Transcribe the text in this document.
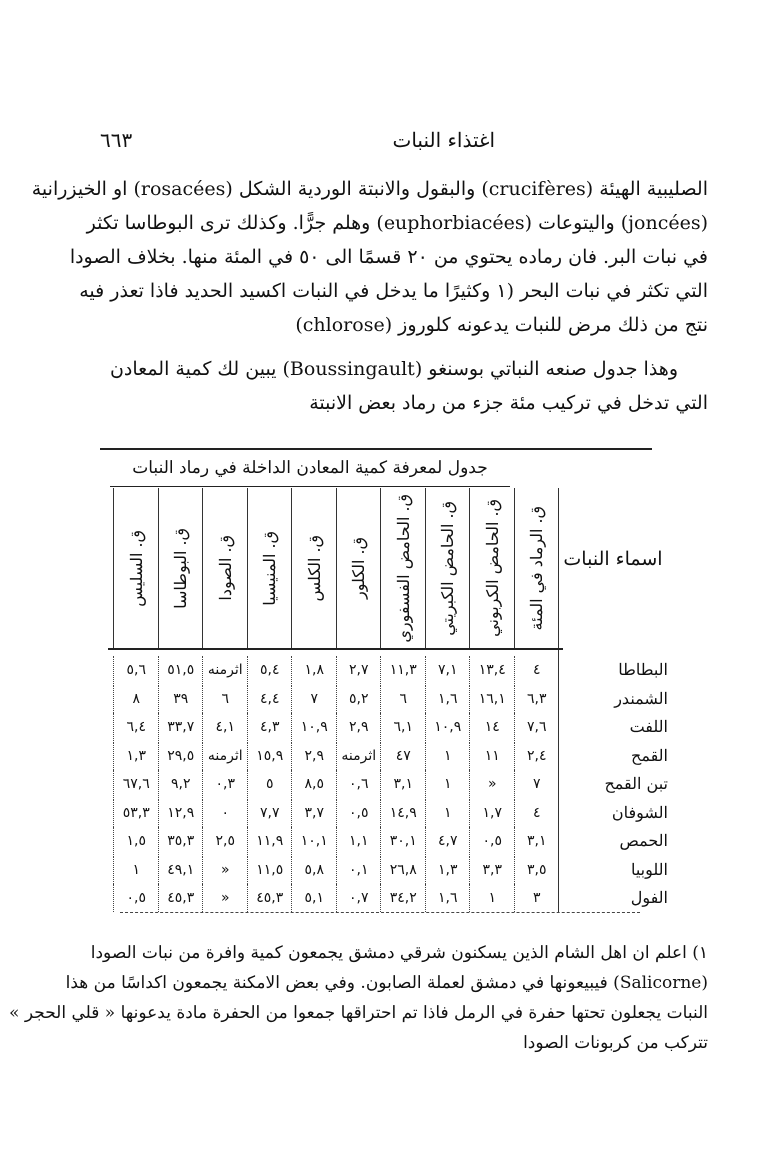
اغتذاء النبات
٦٦٣
الصليبية الهيئة (crucifères) والبقول والانبتة الوردية الشكل (rosacées) او الخيزرانية
(joncées) واليتوعات (euphorbiacées) وهلم جرًّا. وكذلك ترى البوطاسا تكثر
في نبات البر. فان رماده يحتوي من ٢٠ قسمًا الى ٥٠ في المئة منها. بخلاف الصودا
التي تكثر في نبات البحر (١ وكثيرًا ما يدخل في النبات اكسيد الحديد فاذا تعذر فيه
نتج من ذلك مرض للنبات يدعونه كلوروز (chlorose)
وهذا جدول صنعه النباتي بوسنغو (Boussingault) يبين لك كمية المعادن
التي تدخل في تركيب مئة جزء من رماد بعض الانبتة
جدول لمعرفة كمية المعادن الداخلة في رماد النبات
اسماء النبات
ق. الرماد في المئة
ق. الحامض الكربوني
ق. الحامض الكبريتي
ق. الحامض الفسفوري
ق. الكلور
ق. الكلس
ق. المنيسيا
ق. الصودا
ق. البوطاسا
ق. السليس
البطاطا
٤
١٣,٤
٧,١
١١,٣
٢,٧
١,٨
٥,٤
اثرمنه
٥١,٥
٥,٦
الشمندر
٦,٣
١٦,١
١,٦
٦
٥,٢
٧
٤,٤
٦
٣٩
٨
اللفت
٧,٦
١٤
١٠,٩
٦,١
٢,٩
١٠,٩
٤,٣
٤,١
٣٣,٧
٦,٤
القمح
٢,٤
١١
١
٤٧
اثرمنه
٢,٩
١٥,٩
اثرمنه
٢٩,٥
١,٣
تبن القمح
٧
»
١
٣,١
٠,٦
٨,٥
٥
٠,٣
٩,٢
٦٧,٦
الشوفان
٤
١,٧
١
١٤,٩
٠,٥
٣,٧
٧,٧
٠
١٢,٩
٥٣,٣
الحمص
٣,١
٠,٥
٤,٧
٣٠,١
١,١
١٠,١
١١,٩
٢,٥
٣٥,٣
١,٥
اللوبيا
٣,٥
٣,٣
١,٣
٢٦,٨
٠,١
٥,٨
١١,٥
»
٤٩,١
١
الفول
٣
١
١,٦
٣٤,٢
٠,٧
٥,١
٤٥,٣
»
٤٥,٣
٠,٥
١) اعلم ان اهل الشام الذين يسكنون شرقي دمشق يجمعون كمية وافرة من نبات الصودا
(Salicorne) فيبيعونها في دمشق لعملة الصابون. وفي بعض الامكنة يجمعون اكداسًا من هذا
النبات يجعلون تحتها حفرة في الرمل فاذا تم احتراقها جمعوا من الحفرة مادة يدعونها « قلي الحجر »
تتركب من كربونات الصودا
